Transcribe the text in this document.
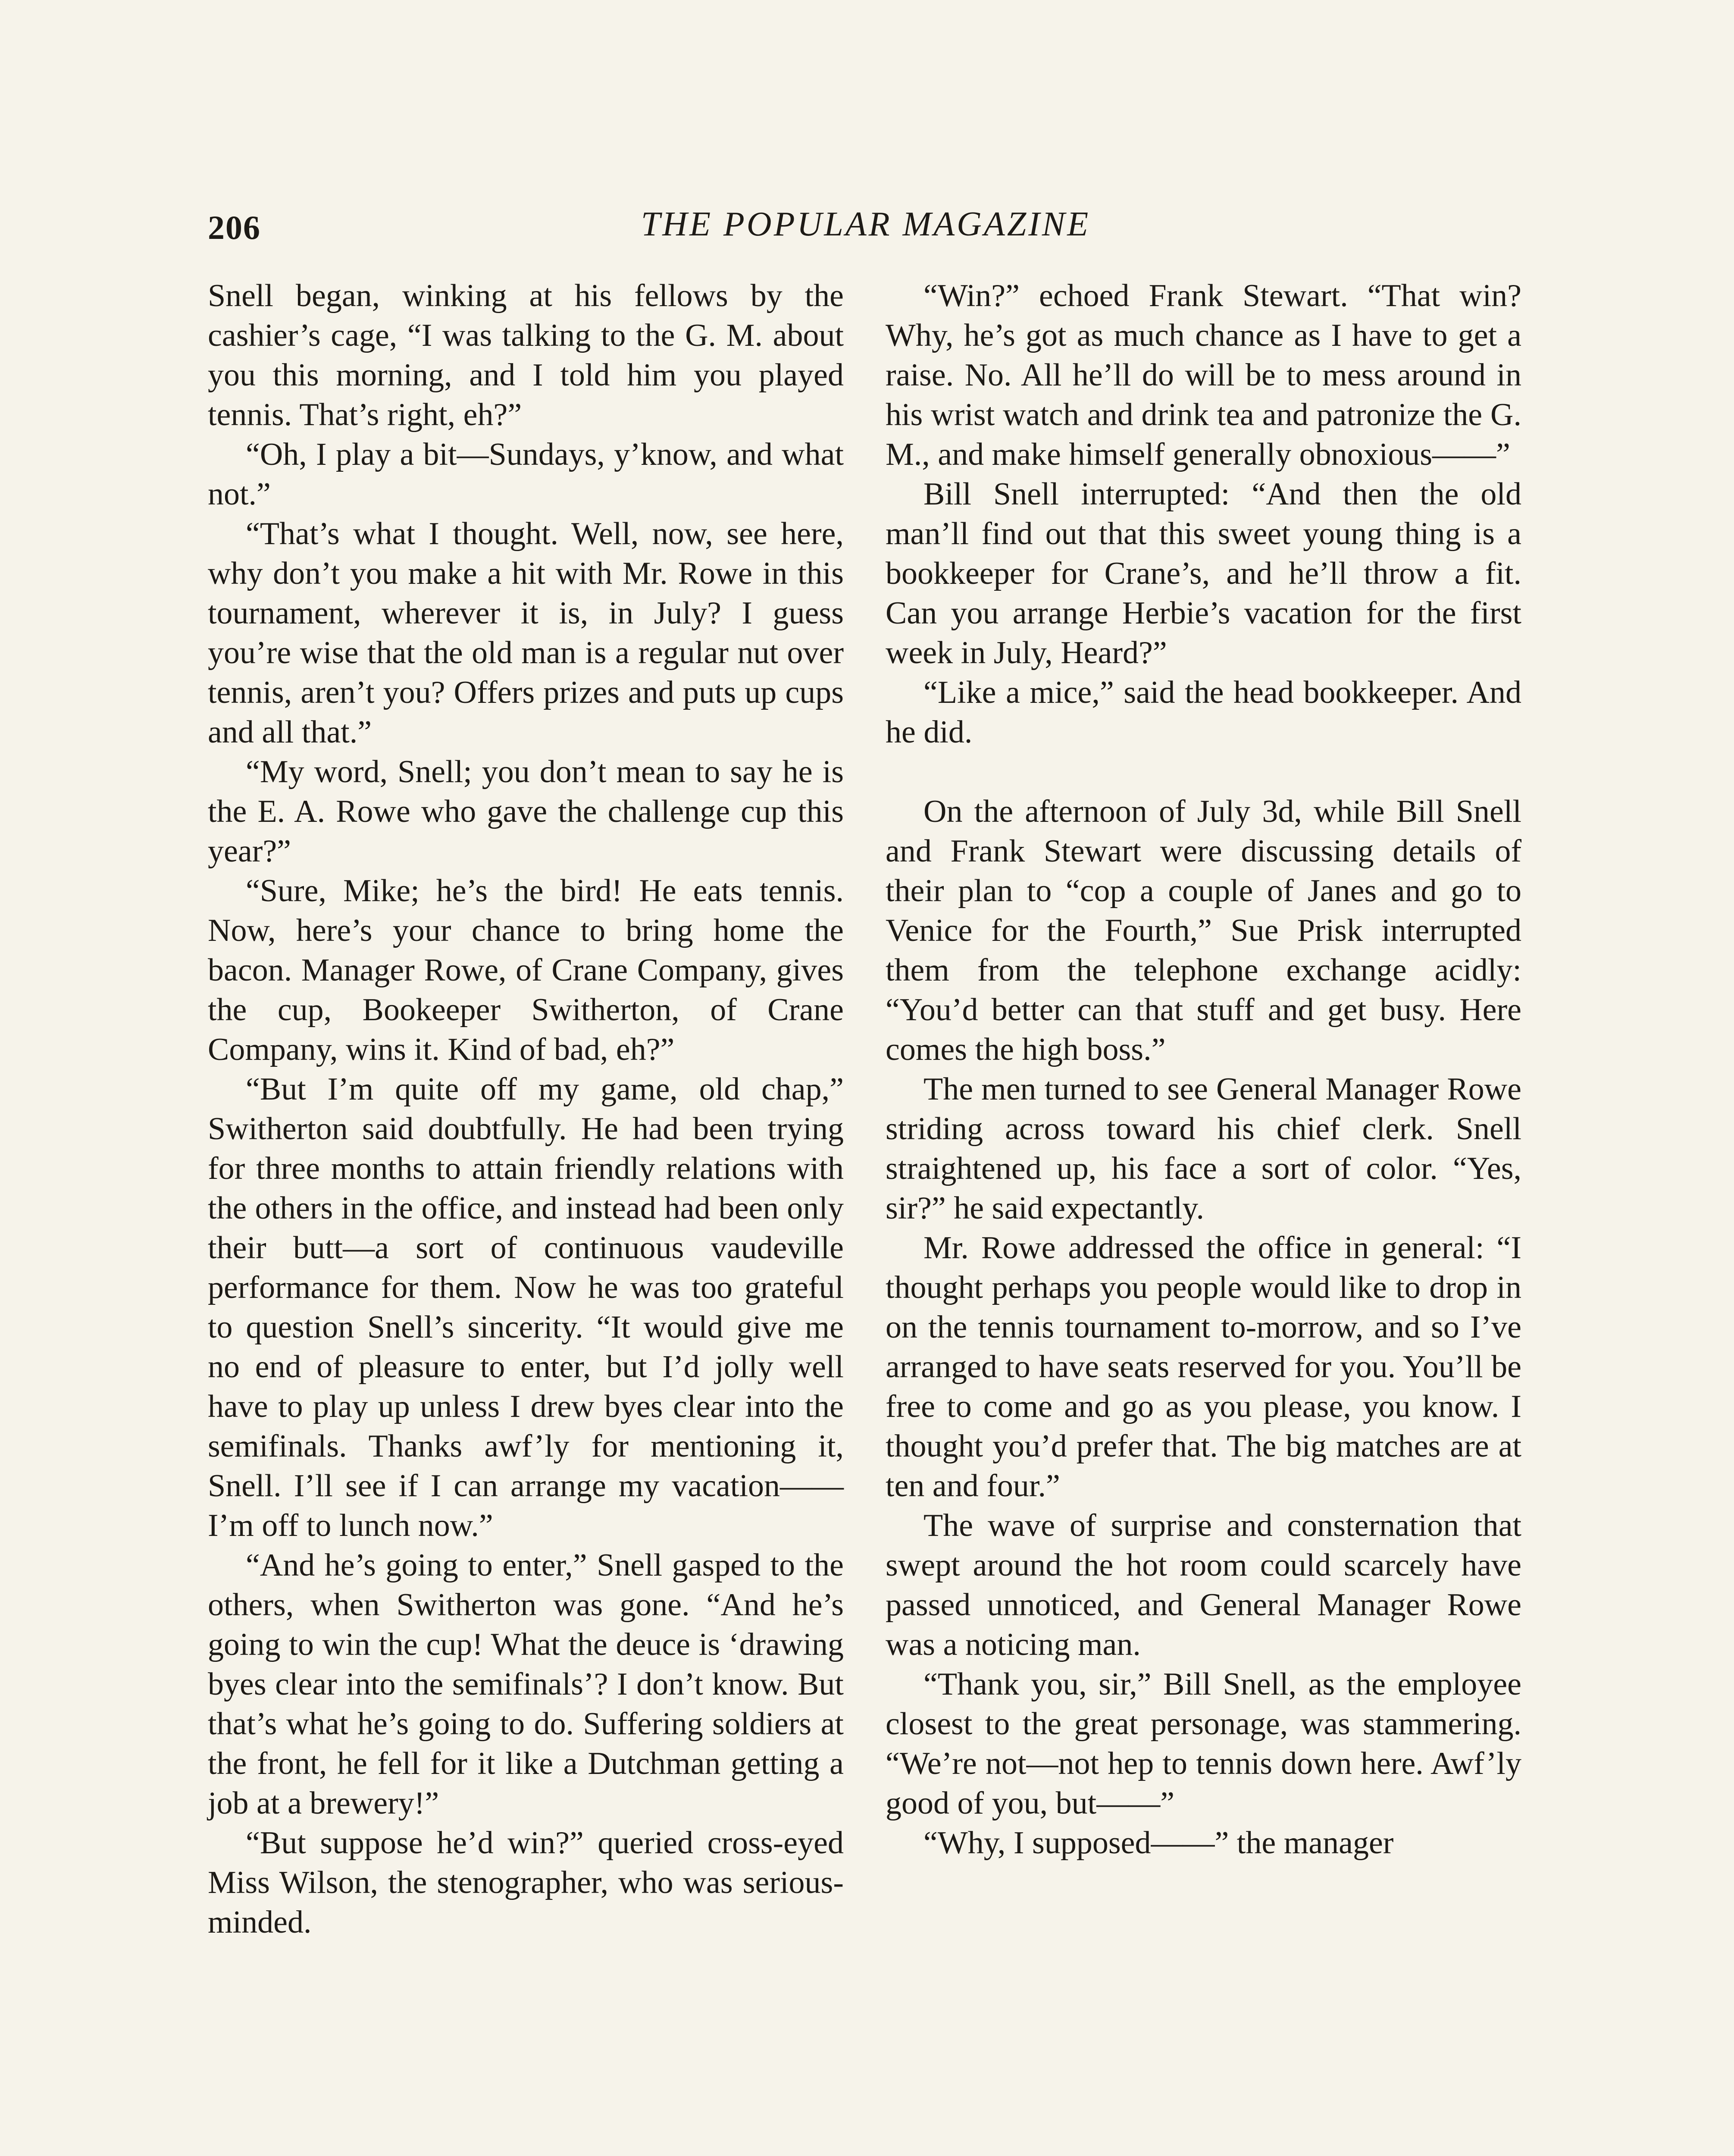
206	THE POPULAR MAGAZINE

Snell began, winking at his fellows by the cashier’s cage, “I was talking to the G. M. about you this morning, and I told him you played tennis. That’s right, eh?”

“Oh, I play a bit—Sundays, y’know, and what not.”

“That’s what I thought. Well, now, see here, why don’t you make a hit with Mr. Rowe in this tournament, wherever it is, in July? I guess you’re wise that the old man is a regular nut over tennis, aren’t you? Offers prizes and puts up cups and all that.”

“My word, Snell; you don’t mean to say he is the E. A. Rowe who gave the challenge cup this year?”

“Sure, Mike; he’s the bird! He eats tennis. Now, here’s your chance to bring home the bacon. Manager Rowe, of Crane Company, gives the cup, Bookeeper Switherton, of Crane Company, wins it. Kind of bad, eh?”

“But I’m quite off my game, old chap,” Switherton said doubtfully. He had been trying for three months to attain friendly relations with the others in the office, and instead had been only their butt—a sort of continuous vaudeville performance for them. Now he was too grateful to question Snell’s sincerity. “It would give me no end of pleasure to enter, but I’d jolly well have to play up unless I drew byes clear into the semifinals. Thanks awf’ly for mentioning it, Snell. I’ll see if I can arrange my vacation—— I’m off to lunch now.”

“And he’s going to enter,” Snell gasped to the others, when Switherton was gone. “And he’s going to win the cup! What the deuce is ‘drawing byes clear into the semifinals’? I don’t know. But that’s what he’s going to do. Suffering soldiers at the front, he fell for it like a Dutchman getting a job at a brewery!”

“But suppose he’d win?” queried cross-eyed Miss Wilson, the stenographer, who was serious-minded.

“Win?” echoed Frank Stewart. “That win? Why, he’s got as much chance as I have to get a raise. No. All he’ll do will be to mess around in his wrist watch and drink tea and patronize the G. M., and make himself generally obnoxious——”

Bill Snell interrupted: “And then the old man’ll find out that this sweet young thing is a bookkeeper for Crane’s, and he’ll throw a fit. Can you arrange Herbie’s vacation for the first week in July, Heard?”

“Like a mice,” said the head bookkeeper. And he did.

On the afternoon of July 3d, while Bill Snell and Frank Stewart were discussing details of their plan to “cop a couple of Janes and go to Venice for the Fourth,” Sue Prisk interrupted them from the telephone exchange acidly: “You’d better can that stuff and get busy. Here comes the high boss.”

The men turned to see General Manager Rowe striding across toward his chief clerk. Snell straightened up, his face a sort of color. “Yes, sir?” he said expectantly.

Mr. Rowe addressed the office in general: “I thought perhaps you people would like to drop in on the tennis tournament to-morrow, and so I’ve arranged to have seats reserved for you. You’ll be free to come and go as you please, you know. I thought you’d prefer that. The big matches are at ten and four.”

The wave of surprise and consternation that swept around the hot room could scarcely have passed unnoticed, and General Manager Rowe was a noticing man.

“Thank you, sir,” Bill Snell, as the employee closest to the great personage, was stammering. “We’re not—not hep to tennis down here. Awf’ly good of you, but——”

“Why, I supposed——” the manager
